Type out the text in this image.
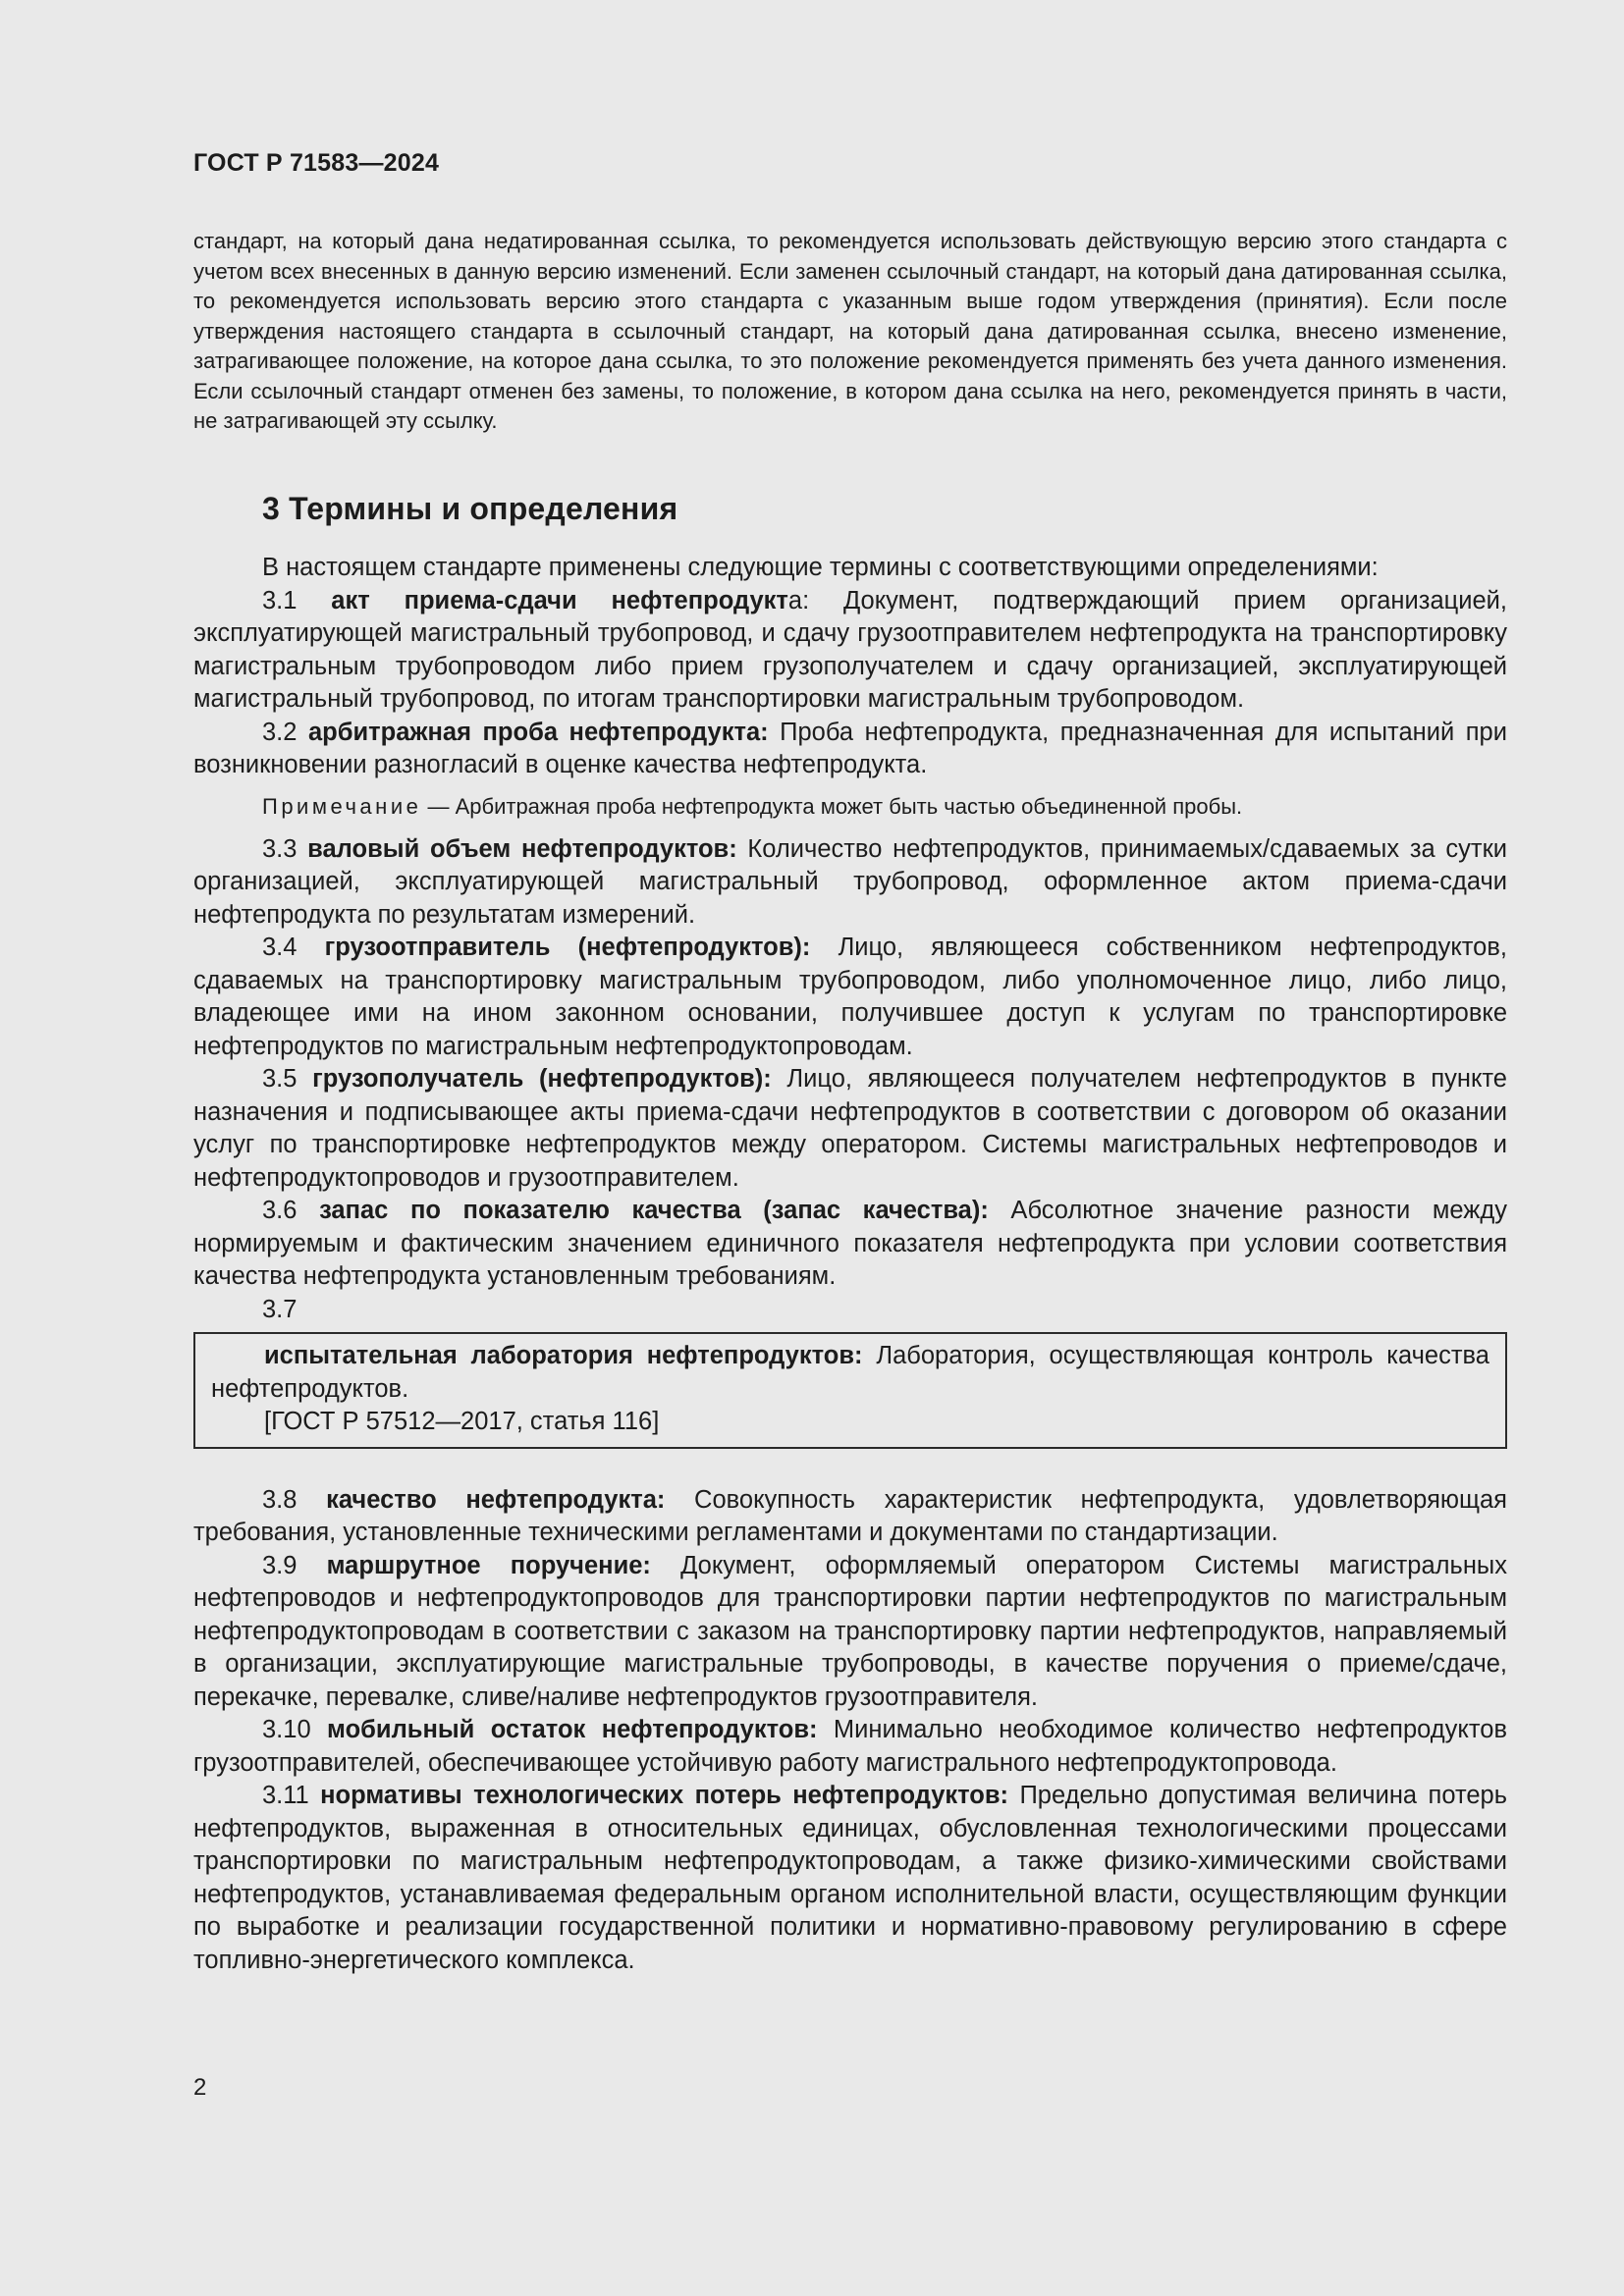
ГОСТ Р 71583—2024
стандарт, на который дана недатированная ссылка, то рекомендуется использовать действующую версию этого стандарта с учетом всех внесенных в данную версию изменений. Если заменен ссылочный стандарт, на который дана датированная ссылка, то рекомендуется использовать версию этого стандарта с указанным выше годом утверждения (принятия). Если после утверждения настоящего стандарта в ссылочный стандарт, на который дана датированная ссылка, внесено изменение, затрагивающее положение, на которое дана ссылка, то это положение рекомендуется применять без учета данного изменения. Если ссылочный стандарт отменен без замены, то положение, в котором дана ссылка на него, рекомендуется принять в части, не затрагивающей эту ссылку.
3 Термины и определения

В настоящем стандарте применены следующие термины с соответствующими определениями:

3.1 акт приема-сдачи нефтепродукта: Документ, подтверждающий прием организацией, эксплуатирующей магистральный трубопровод, и сдачу грузоотправителем нефтепродукта на транспортировку магистральным трубопроводом либо прием грузополучателем и сдачу организацией, эксплуатирующей магистральный трубопровод, по итогам транспортировки магистральным трубопроводом.

3.2 арбитражная проба нефтепродукта: Проба нефтепродукта, предназначенная для испытаний при возникновении разногласий в оценке качества нефтепродукта.

Примечание — Арбитражная проба нефтепродукта может быть частью объединенной пробы.

3.3 валовый объем нефтепродуктов: Количество нефтепродуктов, принимаемых/сдаваемых за сутки организацией, эксплуатирующей магистральный трубопровод, оформленное актом приема-сдачи нефтепродукта по результатам измерений.

3.4 грузоотправитель (нефтепродуктов): Лицо, являющееся собственником нефтепродуктов, сдаваемых на транспортировку магистральным трубопроводом, либо уполномоченное лицо, либо лицо, владеющее ими на ином законном основании, получившее доступ к услугам по транспортировке нефтепродуктов по магистральным нефтепродуктопроводам.

3.5 грузополучатель (нефтепродуктов): Лицо, являющееся получателем нефтепродуктов в пункте назначения и подписывающее акты приема-сдачи нефтепродуктов в соответствии с договором об оказании услуг по транспортировке нефтепродуктов между оператором. Системы магистральных нефтепроводов и нефтепродуктопроводов и грузоотправителем.

3.6 запас по показателю качества (запас качества): Абсолютное значение разности между нормируемым и фактическим значением единичного показателя нефтепродукта при условии соответствия качества нефтепродукта установленным требованиям.

3.7

испытательная лаборатория нефтепродуктов: Лаборатория, осуществляющая контроль качества нефтепродуктов.

[ГОСТ Р 57512—2017, статья 116]

3.8 качество нефтепродукта: Совокупность характеристик нефтепродукта, удовлетворяющая требования, установленные техническими регламентами и документами по стандартизации.

3.9 маршрутное поручение: Документ, оформляемый оператором Системы магистральных нефтепроводов и нефтепродуктопроводов для транспортировки партии нефтепродуктов по магистральным нефтепродуктопроводам в соответствии с заказом на транспортировку партии нефтепродуктов, направляемый в организации, эксплуатирующие магистральные трубопроводы, в качестве поручения о приеме/сдаче, перекачке, перевалке, сливе/наливе нефтепродуктов грузоотправителя.

3.10 мобильный остаток нефтепродуктов: Минимально необходимое количество нефтепродуктов грузоотправителей, обеспечивающее устойчивую работу магистрального нефтепродуктопровода.

3.11 нормативы технологических потерь нефтепродуктов: Предельно допустимая величина потерь нефтепродуктов, выраженная в относительных единицах, обусловленная технологическими процессами транспортировки по магистральным нефтепродуктопроводам, а также физико-химическими свойствами нефтепродуктов, устанавливаемая федеральным органом исполнительной власти, осуществляющим функции по выработке и реализации государственной политики и нормативно-правовому регулированию в сфере топливно-энергетического комплекса.

2
